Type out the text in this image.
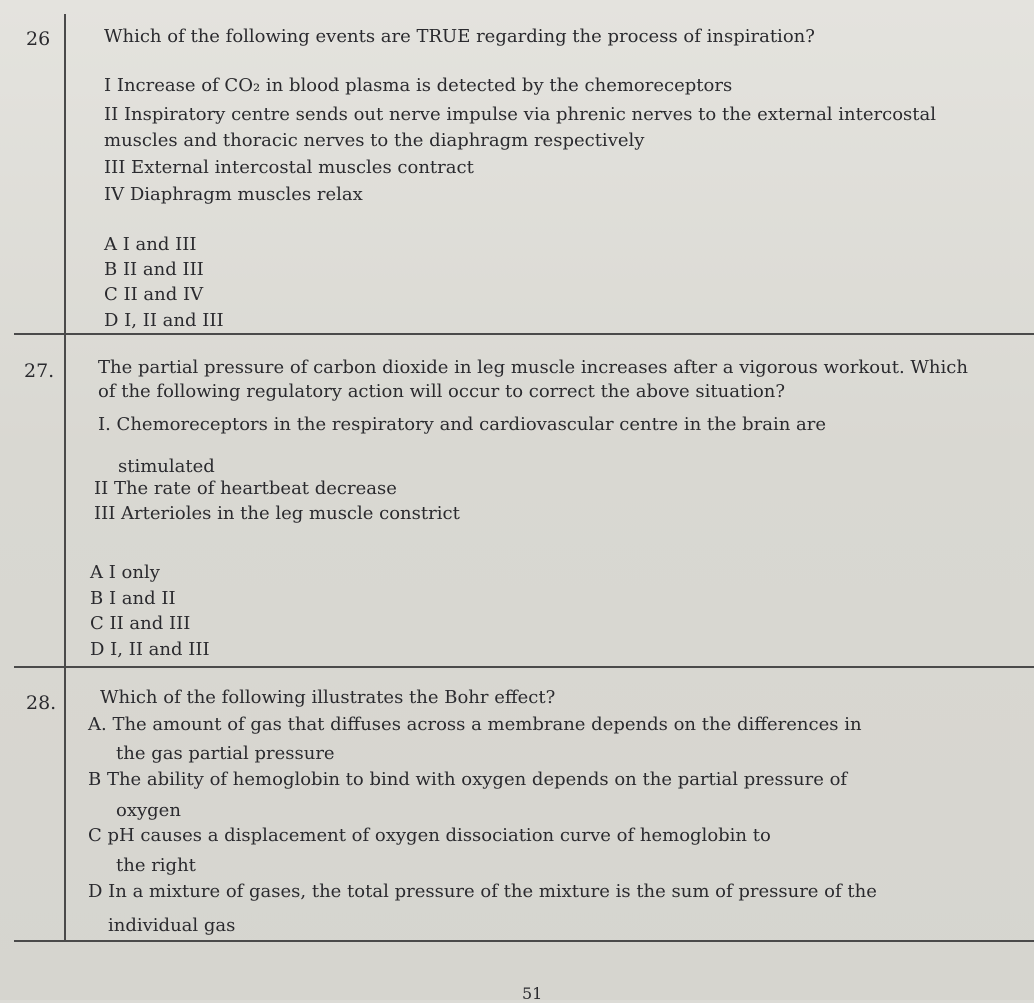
26	Which of the following events are TRUE regarding the process of inspiration?
I Increase of CO₂ in blood plasma is detected by the chemoreceptors
II Inspiratory centre sends out nerve impulse via phrenic nerves to the external intercostal
muscles and thoracic nerves to the diaphragm respectively
III External intercostal muscles contract
IV Diaphragm muscles relax
A I and III
B II and III
C II and IV
D I, II and III
27. The partial pressure of carbon dioxide in leg muscle increases after a vigorous workout. Which
of the following regulatory action will occur to correct the above situation?
I. Chemoreceptors in the respiratory and cardiovascular centre in the brain are
stimulated
II The rate of heartbeat decrease
III Arterioles in the leg muscle constrict
A I only
B I and II
C II and III
D I, II and III
28. Which of the following illustrates the Bohr effect?
A. The amount of gas that diffuses across a membrane depends on the differences in
the gas partial pressure
B The ability of hemoglobin to bind with oxygen depends on the partial pressure of
oxygen
C pH causes a displacement of oxygen dissociation curve of hemoglobin to
the right
D In a mixture of gases, the total pressure of the mixture is the sum of pressure of the
individual gas
51
